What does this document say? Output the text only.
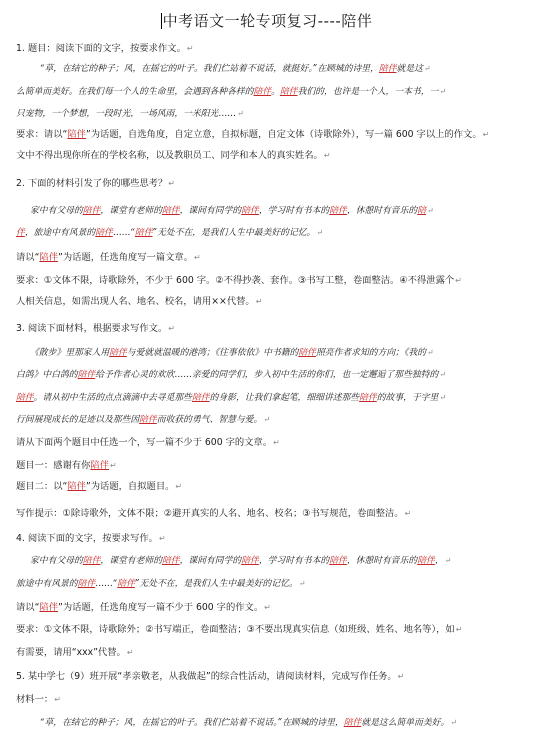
中考语文一轮专项复习----陪伴
1. 题目：阅读下面的文字，按要求作文。↵
“草，在结它的种子；风，在摇它的叶子。我们伫站着不说话，就挺好。”在顾城的诗里，陪伴就是这↵
么简单而美好。在我们每一个人的生命里，会遇到各种各样的陪伴。陪伴我们的，也许是一个人，一本书，一↵
只宠物，一个梦想，一段时光，一场风雨，一米阳光……↵
要求：请以“陪伴”为话题，自选角度，自定立意，自拟标题，自定文体（诗歌除外），写一篇 600 字以上的作文。↵
文中不得出现你所在的学校名称，以及教职员工、同学和本人的真实姓名。↵
2. 下面的材料引发了你的哪些思考？↵
家中有父母的陪伴，课堂有老师的陪伴，课间有同学的陪伴，学习时有书本的陪伴，休憩时有音乐的陪↵
伴，旅途中有风景的陪伴……“陪伴”无处不在，是我们人生中最美好的记忆。↵
请以“陪伴”为话题，任选角度写一篇文章。↵
要求：①文体不限，诗歌除外，不少于 600 字。②不得抄袭、套作。③书写工整，卷面整洁。④不得泄露个↵
人相关信息，如需出现人名、地名、校名，请用××代替。↵
3. 阅读下面材料，根据要求写作文。↵
《散步》里那家人用陪伴与爱就就温暖的港湾；《往事依依》中书籍的陪伴照亮作者求知的方向；《我的↵
白鸽》中白鸽的陪伴给予作者心灵的欢欣……亲爱的同学们，步入初中生活的你们，也一定邂逅了那些独特的↵
陪伴。请从初中生活的点点滴滴中去寻觅那些陪伴的身影，让我们拿起笔，细细讲述那些陪伴的故事，于字里↵
行间展现成长的足迹以及那些因陪伴而收获的勇气、智慧与爱。↵
请从下面两个题目中任选一个，写一篇不少于 600 字的文章。↵
题目一：感谢有你陪伴↵
题目二：以“陪伴”为话题，自拟题目。↵
写作提示：①除诗歌外，文体不限；②避开真实的人名、地名、校名；③书写规范，卷面整洁。↵
4. 阅读下面的文字，按要求写作。↵
家中有父母的陪伴，课堂有老师的陪伴，课间有同学的陪伴，学习时有书本的陪伴，休憩时有音乐的陪伴，↵
旅途中有风景的陪伴……“陪伴”无处不在，是我们人生中最美好的记忆。↵
请以“陪伴”为话题，任选角度写一篇不少于 600 字的作文。↵
要求：①文体不限，诗歌除外；②书写端正，卷面整洁；③不要出现真实信息（如班级、姓名、地名等），如↵
有需要，请用“xxx”代替。↵
5. 某中学七（9）班开展“孝亲敬老，从我做起”的综合性活动，请阅读材料，完成写作任务。↵
材料一：↵
“草，在结它的种子；风，在摇它的叶子。我们伫站着不说话。”在顾城的诗里，陪伴就是这么简单而美好。↵
